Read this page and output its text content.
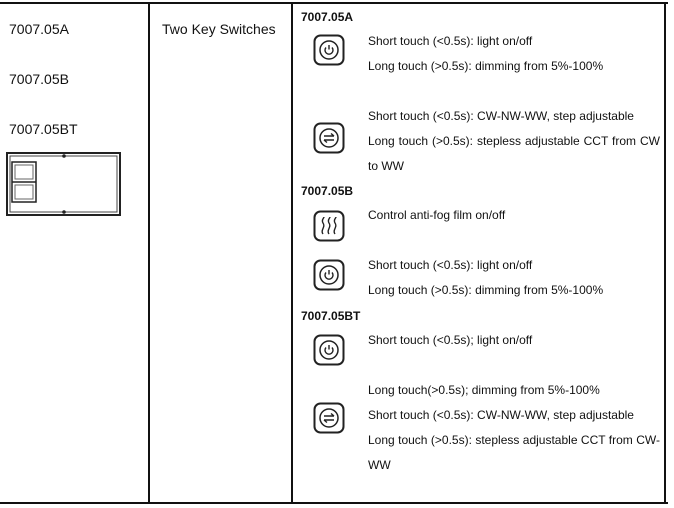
7007.05A
7007.05B
7007.05BT
Two Key Switches
7007.05A
Short touch (<0.5s): light on/off
Long touch (>0.5s): dimming from 5%-100%
Short touch (<0.5s): CW-NW-WW, step adjustable
Long touch (>0.5s): stepless adjustable CCT from CW to WW
7007.05B
Control anti-fog film on/off
Short touch (<0.5s): light on/off
Long touch (>0.5s): dimming from 5%-100%
7007.05BT
Short touch (<0.5s); light on/off
Long touch(>0.5s); dimming from 5%-100%
Short touch (<0.5s): CW-NW-WW, step adjustable
Long touch (>0.5s): stepless adjustable CCT from CW-WW
